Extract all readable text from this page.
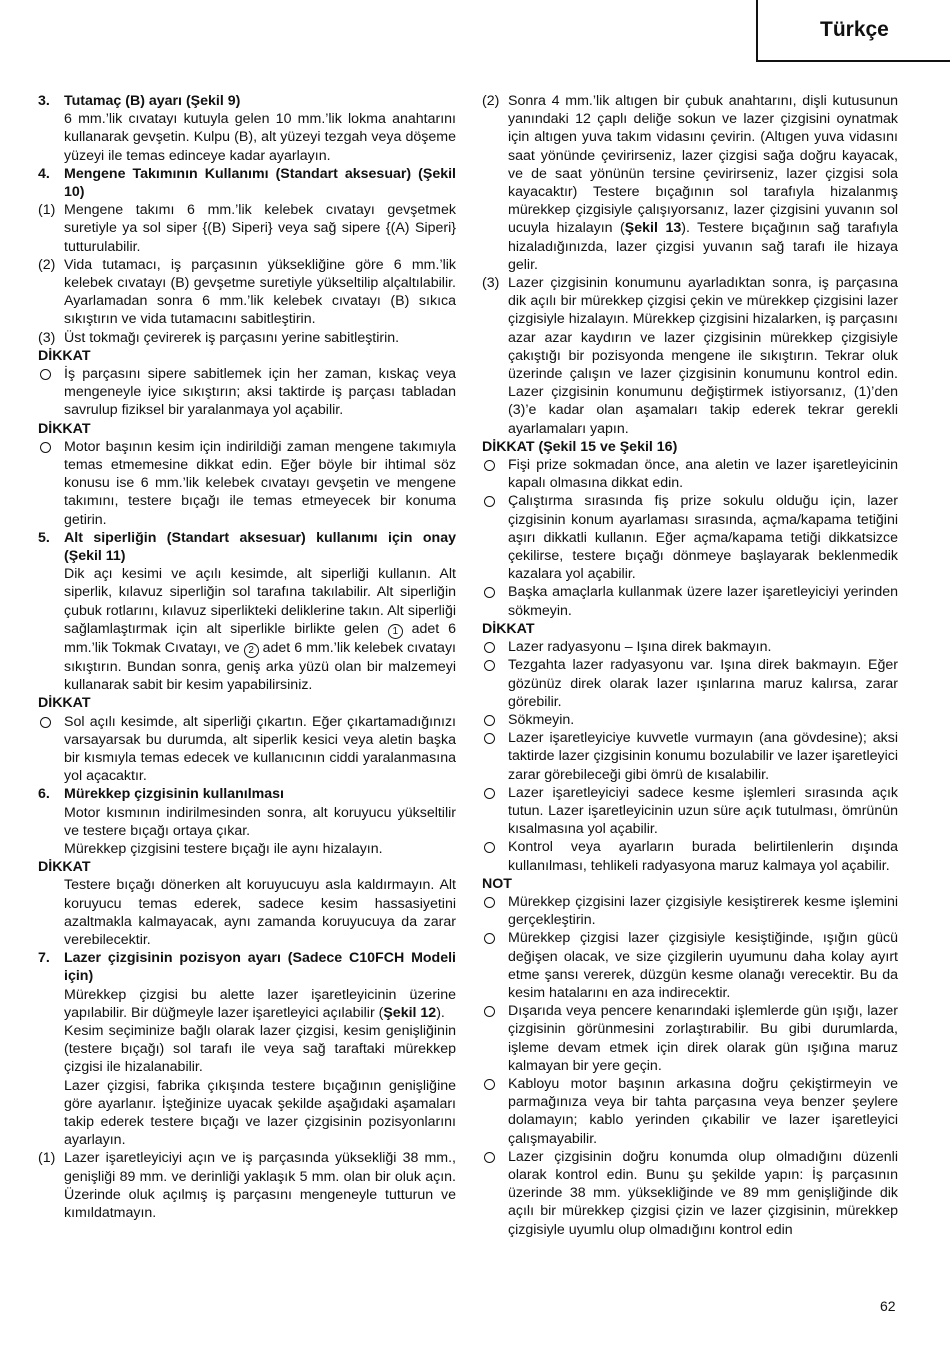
Türkçe
3. Tutamaç (B) ayarı (Şekil 9)
6 mm.’lik cıvatayı kutuyla gelen 10 mm.’lik lokma anahtarını kullanarak gevşetin. Kulpu (B), alt yüzeyi tezgah veya döşeme yüzeyi ile temas edinceye kadar ayarlayın.
4. Mengene Takımının Kullanımı (Standart aksesuar) (Şekil 10)
(1) Mengene takımı 6 mm.’lik kelebek cıvatayı gevşetmek suretiyle ya sol siper {(B) Siperi} veya sağ sipere {(A) Siperi} tutturulabilir.
(2) Vida tutamacı, iş parçasının yüksekliğine göre 6 mm.’lik kelebek cıvatayı (B) gevşetme suretiyle yükseltilip alçaltılabilir. Ayarlamadan sonra 6 mm.’lik kelebek cıvatayı (B) sıkıca sıkıştırın ve vida tutamacını sabitleştirin.
(3) Üst tokmağı çevirerek iş parçasını yerine sabitleştirin.
DİKKAT
İş parçasını sipere sabitlemek için her zaman, kıskaç veya mengeneyle iyice sıkıştırın; aksi taktirde iş parçası tabladan savrulup fiziksel bir yaralanmaya yol açabilir.
DİKKAT
Motor başının kesim için indirildiği zaman mengene takımıyla temas etmemesine dikkat edin. Eğer böyle bir ihtimal söz konusu ise 6 mm.’lik kelebek cıvatayı gevşetin ve mengene takımını, testere bıçağı ile temas etmeyecek bir konuma getirin.
5. Alt siperliğin (Standart aksesuar) kullanımı için onay (Şekil 11)
Dik açı kesimi ve açılı kesimde, alt siperliği kullanın. Alt siperlik, kılavuz siperliğin sol tarafına takılabilir. Alt siperliğin çubuk rotlarını, kılavuz siperlikteki deliklerine takın. Alt siperliği sağlamlaştırmak için alt siperlikle birlikte gelen 1 adet 6 mm.’lik Tokmak Cıvatayı, ve 2 adet 6 mm.’lik kelebek cıvatayı sıkıştırın. Bundan sonra, geniş arka yüzü olan bir malzemeyi kullanarak sabit bir kesim yapabilirsiniz.
DİKKAT
Sol açılı kesimde, alt siperliği çıkartın. Eğer çıkartamadığınızı varsayarsak bu durumda, alt siperlik kesici veya aletin başka bir kısmıyla temas edecek ve kullanıcının ciddi yaralanmasına yol açacaktır.
6. Mürekkep çizgisinin kullanılması
Motor kısmının indirilmesinden sonra, alt koruyucu yükseltilir ve testere bıçağı ortaya çıkar.
Mürekkep çizgisini testere bıçağı ile aynı hizalayın.
DİKKAT
Testere bıçağı dönerken alt koruyucuyu asla kaldırmayın. Alt koruyucu temas ederek, sadece kesim hassasiyetini azaltmakla kalmayacak, aynı zamanda koruyucuya da zarar verebilecektir.
7. Lazer çizgisinin pozisyon ayarı (Sadece C10FCH Modeli için)
Mürekkep çizgisi bu alette lazer işaretleyicinin üzerine yapılabilir. Bir düğmeyle lazer işaretleyici açılabilir (Şekil 12).
Kesim seçiminize bağlı olarak lazer çizgisi, kesim genişliğinin (testere bıçağı) sol tarafı ile veya sağ taraftaki mürekkep çizgisi ile hizalanabilir.
Lazer çizgisi, fabrika çıkışında testere bıçağının genişliğine göre ayarlanır. İşteğinize uyacak şekilde aşağıdaki aşamaları takip ederek testere bıçağı ve lazer çizgisinin pozisyonlarını ayarlayın.
(1) Lazer işaretleyiciyi açın ve iş parçasında yüksekliği 38 mm., genişliği 89 mm. ve derinliği yaklaşık 5 mm. olan bir oluk açın. Üzerinde oluk açılmış iş parçasını mengeneyle tutturun ve kımıldatmayın.
(2) Sonra 4 mm.’lik altıgen bir çubuk anahtarını, dişli kutusunun yanındaki 12 çaplı deliğe sokun ve lazer çizgisini oynatmak için altıgen yuva takım vidasını çevirin. (Altıgen yuva vidasını saat yönünde çevirirseniz, lazer çizgisi sağa doğru kayacak, ve de saat yönünün tersine çevirirseniz, lazer çizgisi sola kayacaktır) Testere bıçağının sol tarafıyla hizalanmış mürekkep çizgisiyle çalışıyorsanız, lazer çizgisini yuvanın sol ucuyla hizalayın (Şekil 13). Testere bıçağının sağ tarafıyla hizaladığınızda, lazer çizgisi yuvanın sağ tarafı ile hizaya gelir.
(3) Lazer çizgisinin konumunu ayarladıktan sonra, iş parçasına dik açılı bir mürekkep çizgisi çekin ve mürekkep çizgisini lazer çizgisiyle hizalayın. Mürekkep çizgisini hizalarken, iş parçasını azar azar kaydırın ve lazer çizgisinin mürekkep çizgisiyle çakıştığı bir pozisyonda mengene ile sıkıştırın. Tekrar oluk üzerinde çalışın ve lazer çizgisinin konumunu kontrol edin. Lazer çizgisinin konumunu değiştirmek istiyorsanız, (1)’den (3)’e kadar olan aşamaları takip ederek tekrar gerekli ayarlamaları yapın.
DİKKAT (Şekil 15 ve Şekil 16)
Fişi prize sokmadan önce, ana aletin ve lazer işaretleyicinin kapalı olmasına dikkat edin.
Çalıştırma sırasında fiş prize sokulu olduğu için, lazer çizgisinin konum ayarlaması sırasında, açma/kapama tetiğini aşırı dikkatli kullanın. Eğer açma/kapama tetiği dikkatsizce çekilirse, testere bıçağı dönmeye başlayarak beklenmedik kazalara yol açabilir.
Başka amaçlarla kullanmak üzere lazer işaretleyiciyi yerinden sökmeyin.
DİKKAT
Lazer radyasyonu – Işına direk bakmayın.
Tezgahta lazer radyasyonu var. Işına direk bakmayın. Eğer gözünüz direk olarak lazer ışınlarına maruz kalırsa, zarar görebilir.
Sökmeyin.
Lazer işaretleyiciye kuvvetle vurmayın (ana gövdesine); aksi taktirde lazer çizgisinin konumu bozulabilir ve lazer işaretleyici zarar görebileceği gibi ömrü de kısalabilir.
Lazer işaretleyiciyi sadece kesme işlemleri sırasında açık tutun. Lazer işaretleyicinin uzun süre açık tutulması, ömrünün kısalmasına yol açabilir.
Kontrol veya ayarların burada belirtilenlerin dışında kullanılması, tehlikeli radyasyona maruz kalmaya yol açabilir.
NOT
Mürekkep çizgisini lazer çizgisiyle kesiştirerek kesme işlemini gerçekleştirin.
Mürekkep çizgisi lazer çizgisiyle kesiştiğinde, ışığın gücü değişen olacak, ve size çizgilerin uyumunu daha kolay ayırt etme şansı vererek, düzgün kesme olanağı verecektir. Bu da kesim hatalarını en aza indirecektir.
Dışarıda veya pencere kenarındaki işlemlerde gün ışığı, lazer çizgisinin görünmesini zorlaştırabilir. Bu gibi durumlarda, işleme devam etmek için direk olarak gün ışığına maruz kalmayan bir yere geçin.
Kabloyu motor başının arkasına doğru çekiştirmeyin ve parmağınıza veya bir tahta parçasına veya benzer şeylere dolamayın; kablo yerinden çıkabilir ve lazer işaretleyici çalışmayabilir.
Lazer çizgisinin doğru konumda olup olmadığını düzenli olarak kontrol edin. Bunu şu şekilde yapın: İş parçasının üzerinde 38 mm. yüksekliğinde ve 89 mm genişliğinde dik açılı bir mürekkep çizgisi çizin ve lazer çizgisinin, mürekkep çizgisiyle uyumlu olup olmadığını kontrol edin
62
